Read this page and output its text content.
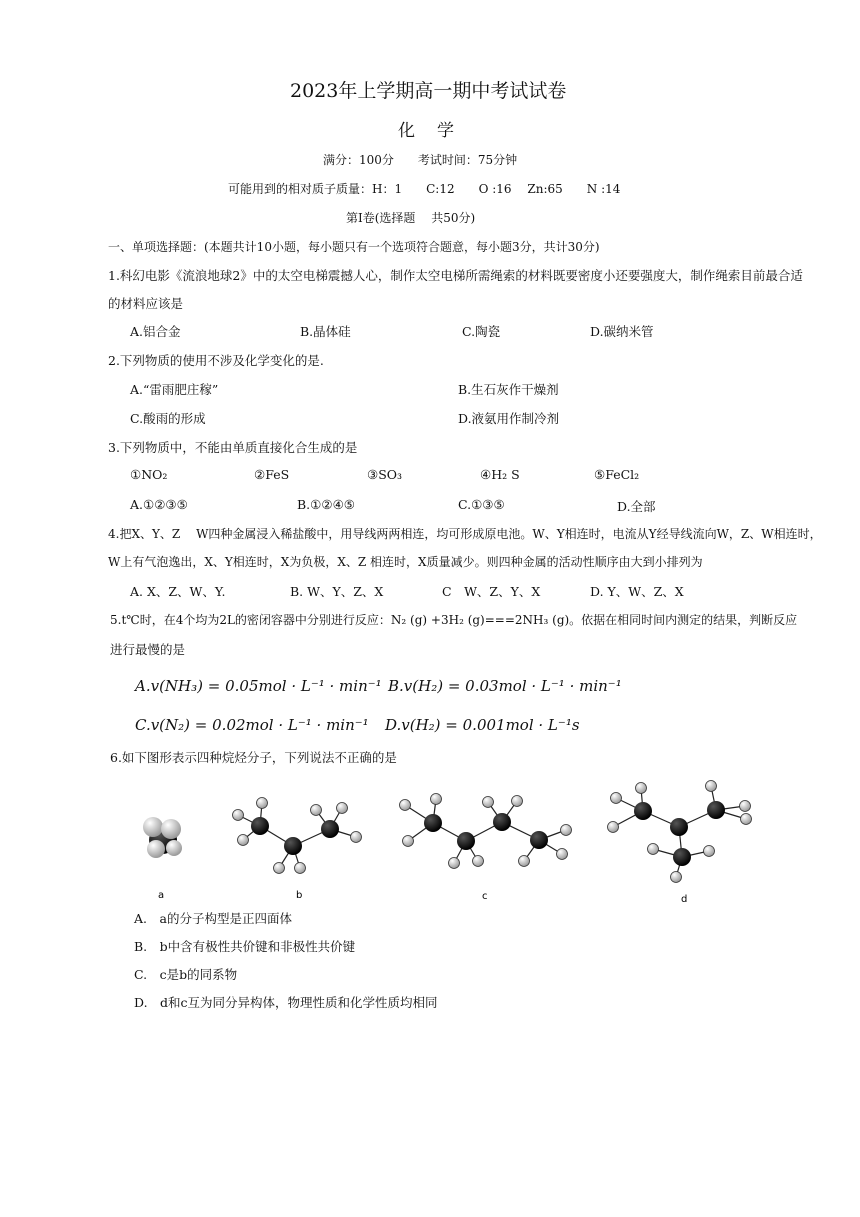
2023年上学期高一期中考试试卷
化学
满分：100分　　考试时间：75分钟
可能用到的相对质子质量：H：1　　C:12　　O :16　 Zn:65　　N :14
第Ⅰ卷(选择题　 共50分)
一、单项选择题：(本题共计10小题，每小题只有一个选项符合题意，每小题3分，共计30分)
1.科幻电影《流浪地球2》中的太空电梯震撼人心，制作太空电梯所需绳索的材料既要密度小还要强度大，制作绳索目前最合适
的材料应该是
A.铝合金	B.晶体硅	C.陶瓷	D.碳纳米管
2.下列物质的使用不涉及化学变化的是.
A.“雷雨肥庄稼”	B.生石灰作干燥剂
C.酸雨的形成	D.液氨用作制冷剂
3.下列物质中，不能由单质直接化合生成的是
①NO₂	②FeS	③SO₃	④H₂ S	⑤FeCl₂
A.①②③⑤	B.①②④⑤	C.①③⑤	D.全部
4.把X、Y、Z　 W四种金属浸入稀盐酸中，用导线两两相连，均可形成原电池。W、Y相连时，电流从Y经导线流向W，Z、W相连时，
W上有气泡逸出，X、Y相连时，X为负极，X、Z 相连时，X质量减少。则四种金属的活动性顺序由大到小排列为
A. X、Z、W、Y.	B. W、Y、Z、X	C　W、Z、Y、X	D. Y、W、Z、X
5.t℃时，在4个均为2L的密闭容器中分别进行反应：N₂ (g) +3H₂ (g)===2NH₃ (g)。依据在相同时间内测定的结果，判断反应
进行最慢的是
A.v(NH₃) = 0.05mol · L⁻¹ · min⁻¹ B.v(H₂) = 0.03mol · L⁻¹ · min⁻¹
C.v(N₂) = 0.02mol · L⁻¹ · min⁻¹ D.v(H₂) = 0.001mol · L⁻¹s
6.如下图形表示四种烷烃分子，下列说法不正确的是
a	b	c	d
A.　a的分子构型是正四面体
B.　b中含有极性共价键和非极性共价键
C.　c是b的同系物
D.　d和c互为同分异构体，物理性质和化学性质均相同
